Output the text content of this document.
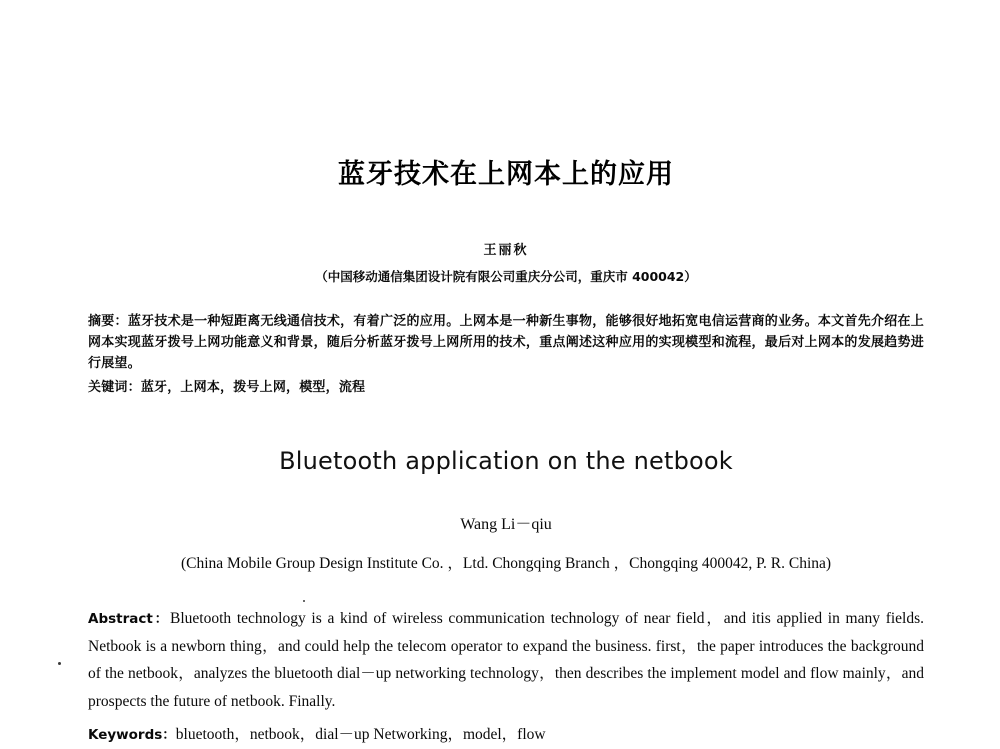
蓝牙技术在上网本上的应用
王丽秋
（中国移动通信集团设计院有限公司重庆分公司，重庆市 400042）
摘要：蓝牙技术是一种短距离无线通信技术，有着广泛的应用。上网本是一种新生事物，能够很好地拓宽电信运营商的业务。本文首先介绍在上网本实现蓝牙拨号上网功能意义和背景，随后分析蓝牙拨号上网所用的技术，重点阐述这种应用的实现模型和流程，最后对上网本的发展趋势进行展望。
关键词：蓝牙，上网本，拨号上网，模型，流程
Bluetooth application on the netbook
Wang Li－qiu
(China Mobile Group Design Institute Co. ，Ltd. Chongqing Branch ，Chongqing 400042, P. R. China)
Abstract：Bluetooth technology is a kind of wireless communication technology of near field，and itis applied in many fields. Netbook is a newborn thing，and could help the telecom operator to expand the business. first，the paper introduces the background of the netbook，analyzes the bluetooth dial－up networking technology，then describes the implement model and flow mainly，and prospects the future of netbook. Finally.
Keywords：bluetooth，netbook，dial－up Networking，model，flow
